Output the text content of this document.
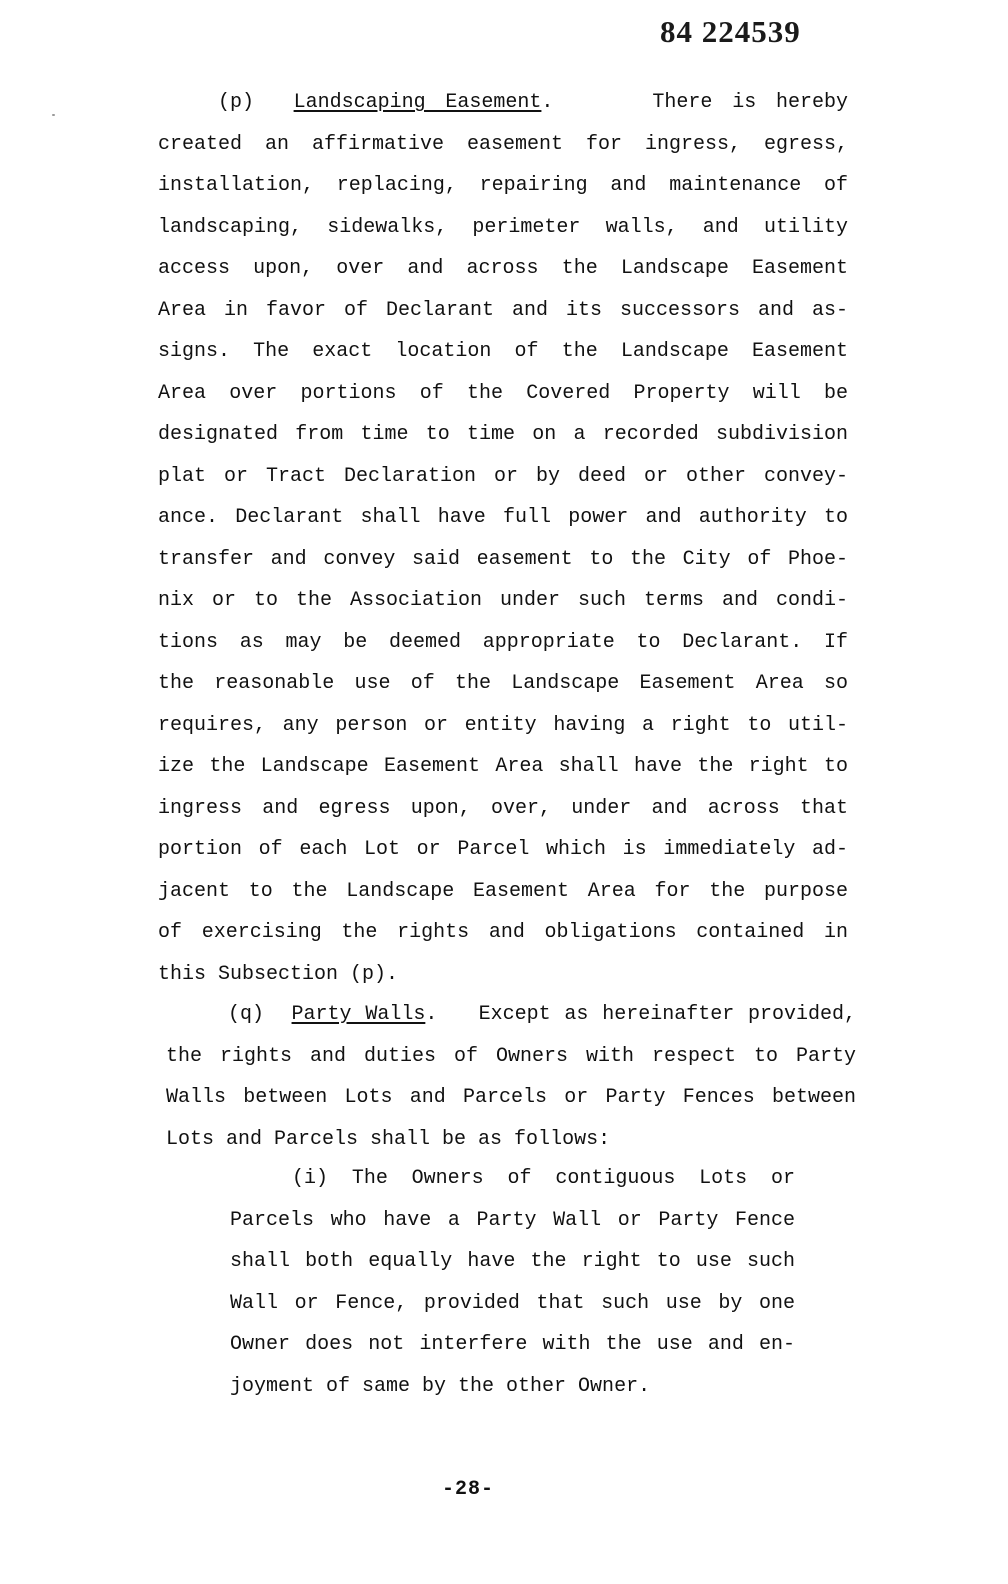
84 224539
(p) Landscaping Easement.	There is hereby
created an affirmative easement for ingress, egress,
installation, replacing, repairing and maintenance of
landscaping, sidewalks, perimeter walls, and utility
access upon, over and across the Landscape Easement
Area in favor of Declarant and its successors and as-
signs. The exact location of the Landscape Easement
Area over portions of the Covered Property will be
designated from time to time on a recorded subdivision
plat or Tract Declaration or by deed or other convey-
ance. Declarant shall have full power and authority to
transfer and convey said easement to the City of Phoe-
nix or to the Association under such terms and condi-
tions as may be deemed appropriate to Declarant. If
the reasonable use of the Landscape Easement Area so
requires, any person or entity having a right to util-
ize the Landscape Easement Area shall have the right to
ingress and egress upon, over, under and across that
portion of each Lot or Parcel which is immediately ad-
jacent to the Landscape Easement Area for the purpose
of exercising the rights and obligations contained in
this Subsection (p).
(q) Party Walls. Except as hereinafter provided,
the rights and duties of Owners with respect to Party
Walls between Lots and Parcels or Party Fences between
Lots and Parcels shall be as follows:
(i) The Owners of contiguous Lots or
Parcels who have a Party Wall or Party Fence
shall both equally have the right to use such
Wall or Fence, provided that such use by one
Owner does not interfere with the use and en-
joyment of same by the other Owner.
-28-
